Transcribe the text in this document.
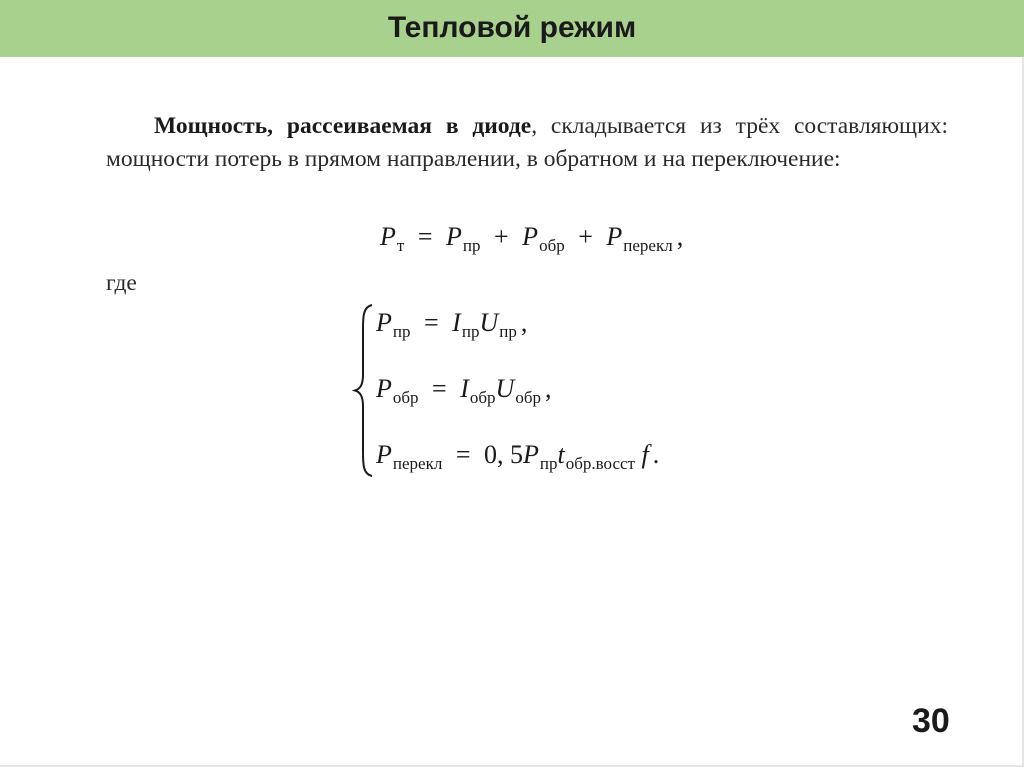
Тепловой режим
Мощность, рассеиваемая в диоде, складывается из трёх составляющих: мощности потерь в прямом направлении, в обратном и на переключение:
$P_т = P_{пр} + P_{обр} + P_{перекл}$ ,
где
$P_{пр} = I_{пр}U_{пр}$ ,
$P_{обр} = I_{обр}U_{обр}$ ,
$P_{перекл} = 0$, $5P_{пр}t_{обр.восст}$ f .
30
